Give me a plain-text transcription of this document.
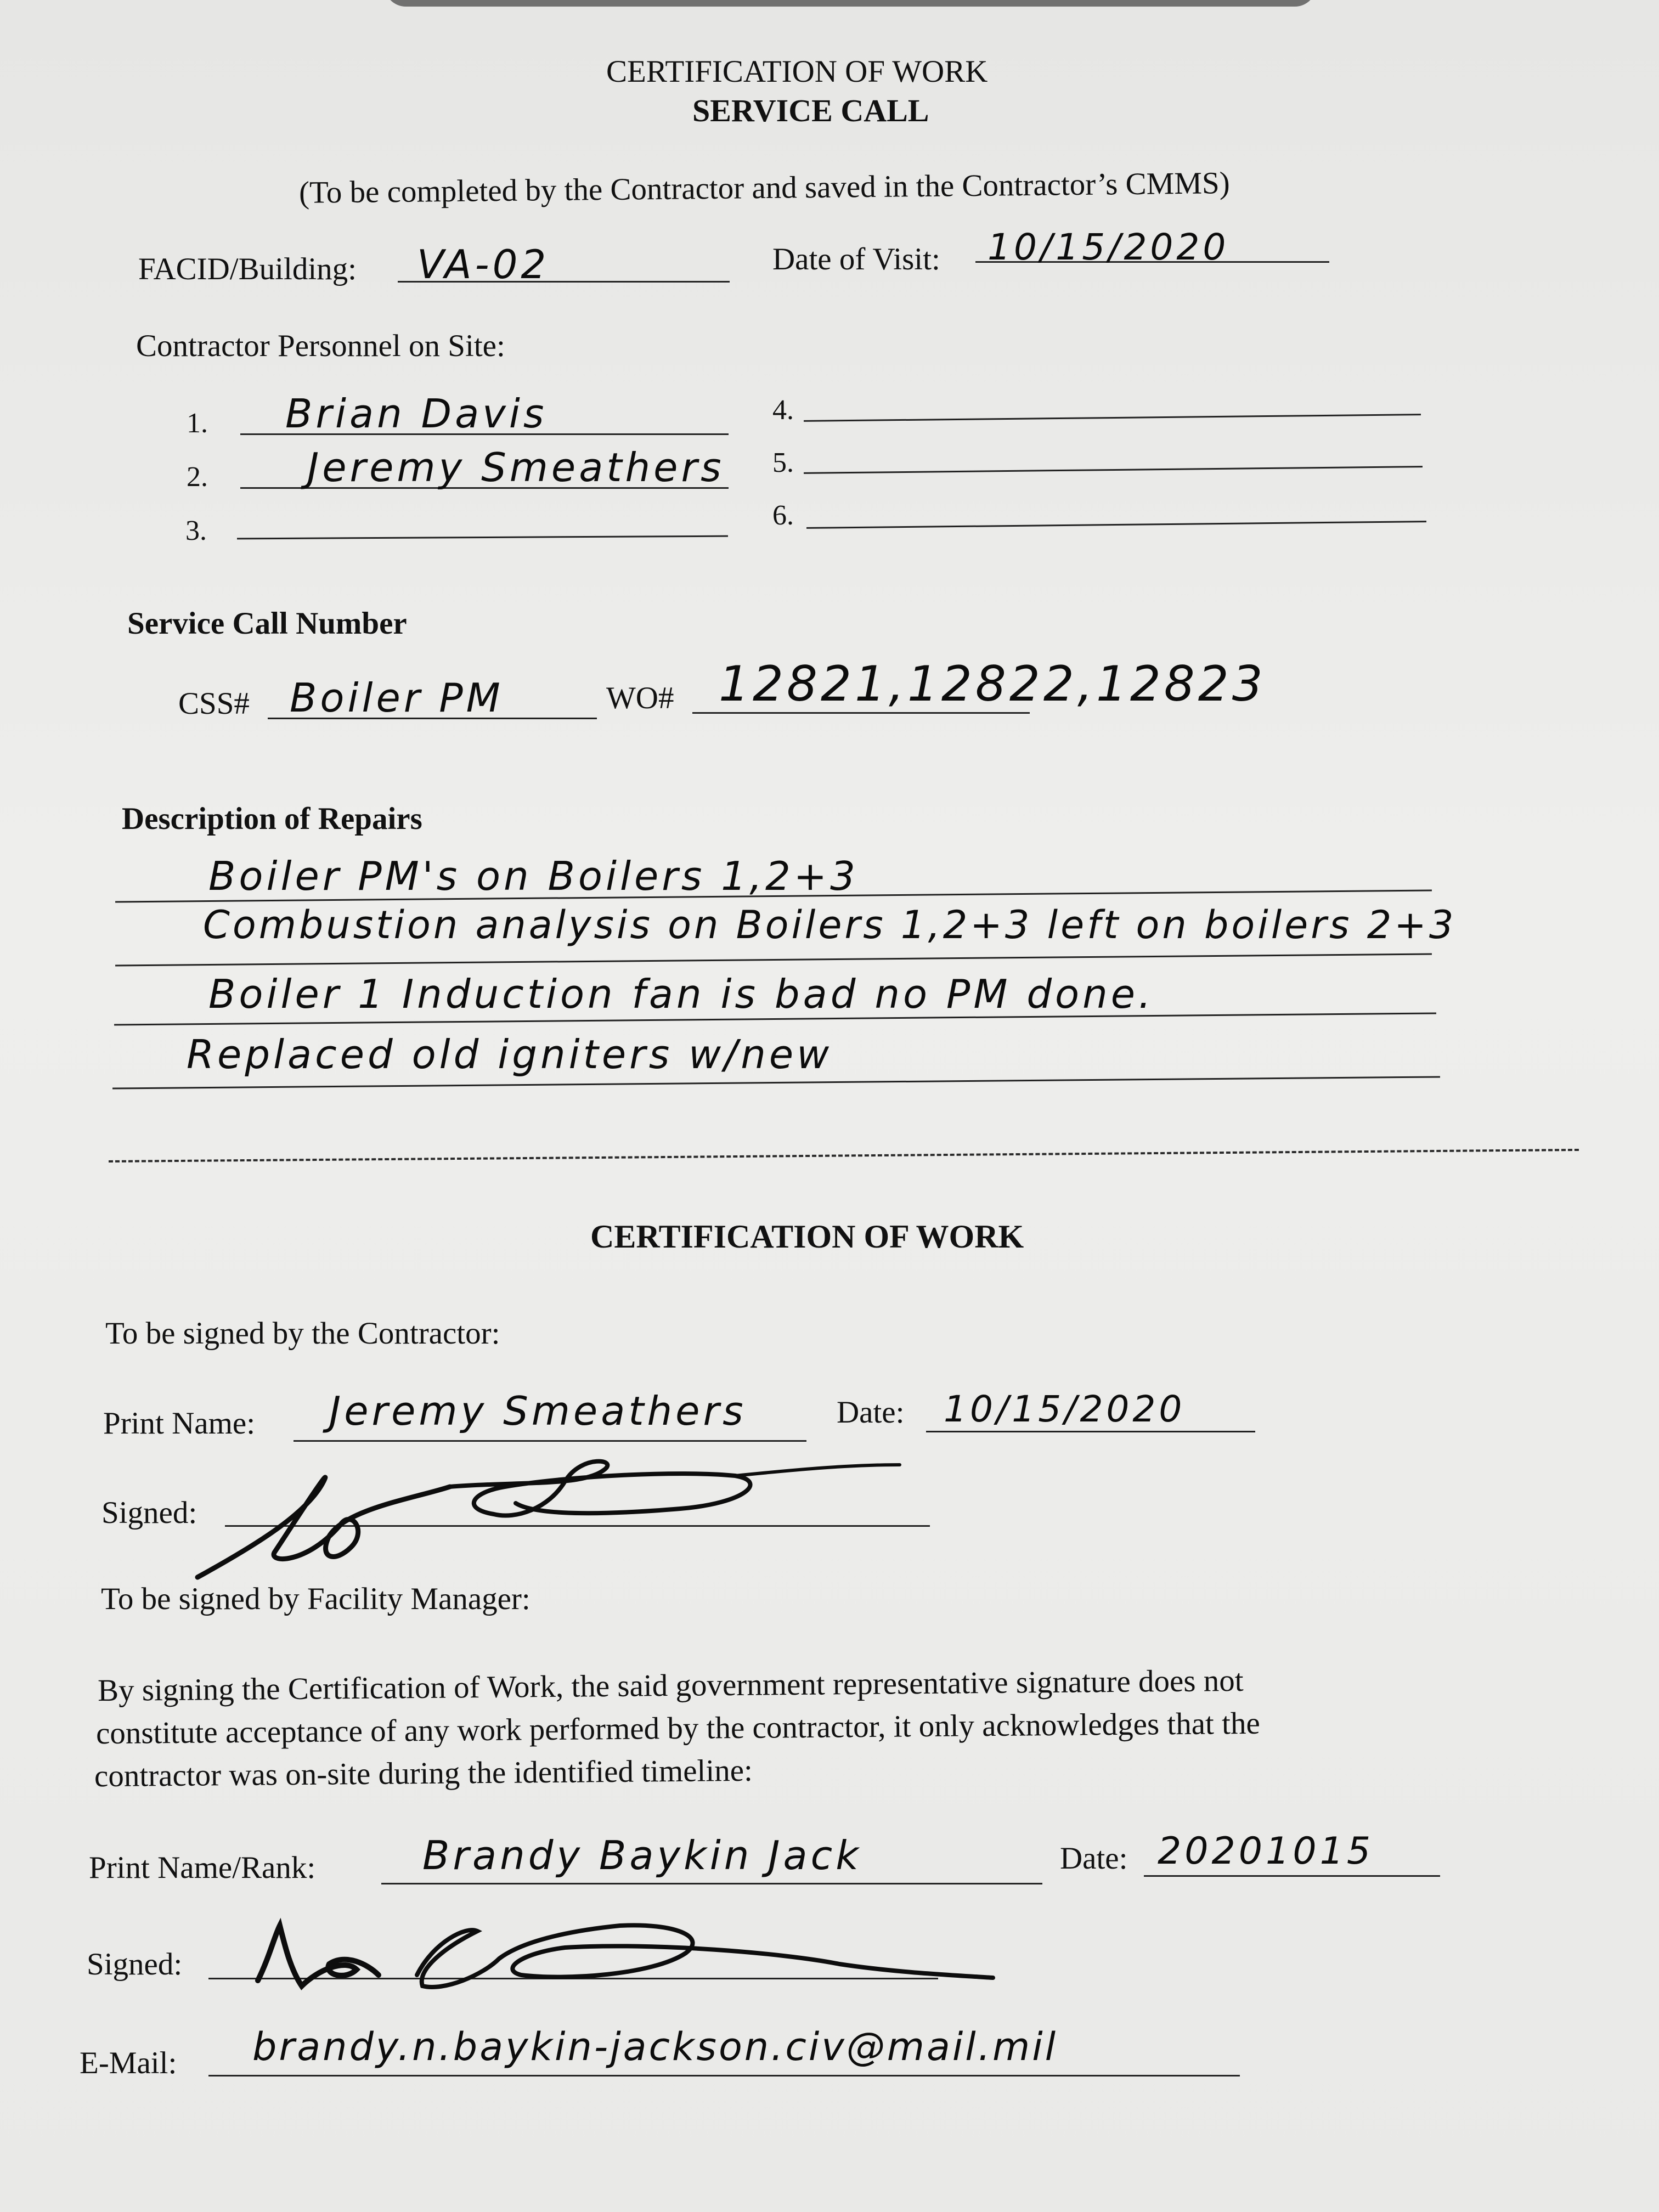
CERTIFICATION OF WORK
SERVICE CALL
(To be completed by the Contractor and saved in the Contractor’s CMMS)
FACID/Building: VA-02	Date of Visit: 10/15/2020
Contractor Personnel on Site:
1. Brian Davis
2.	Jeremy Smeathers
3.
4.
5.
6.
Service Call Number
CSS# Boiler PM	WO# 12821,12822,12823
Description of Repairs
Boiler PM's on Boilers 1,2+3
Combustion analysis on Boilers 1,2+3 left on boilers 2+3
Boiler 1 Induction fan is bad no PM done.
Replaced old igniters w/new
CERTIFICATION OF WORK
To be signed by the Contractor:
Print Name: Jeremy Smeathers	Date: 10/15/2020
Signed:
To be signed by Facility Manager:
By signing the Certification of Work, the said government representative signature does not
constitute acceptance of any work performed by the contractor, it only acknowledges that the
contractor was on-site during the identified timeline:
Print Name/Rank:	Brandy Baykin Jack	Date: 20201015
Signed:
E-Mail: brandy.n.baykin-jackson.civ@mail.mil
